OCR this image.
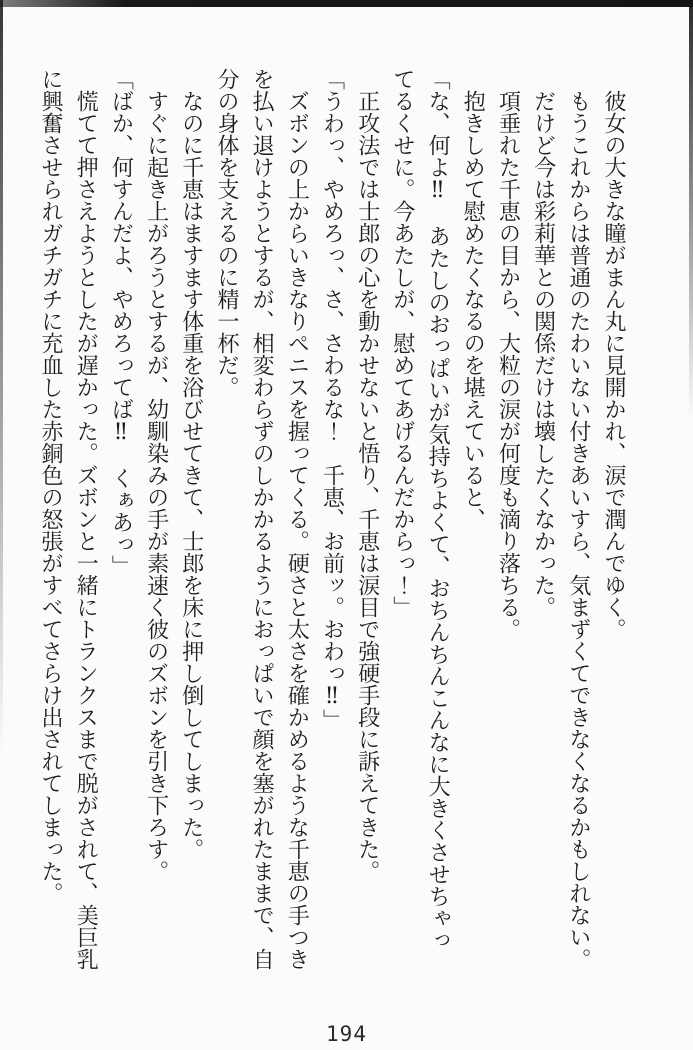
彼女の大きな瞳がまん丸に見開かれ、涙で潤んでゆく。

もうこれからは普通のたわいない付きあいすら、気まずくてできなくなるかもしれない。

だけど今は彩莉華との関係だけは壊したくなかった。

項垂れた千恵の目から、大粒の涙が何度も滴り落ちる。

抱きしめて慰めたくなるのを堪えていると、

「な、何よ‼　あたしのおっぱいが気持ちよくて、おちんちんこんなに大きくさせちゃってるくせに。今あたしが、慰めてあげるんだからっ！」

正攻法では士郎の心を動かせないと悟り、千恵は涙目で強硬手段に訴えてきた。

「うわっ、やめろっ、さ、さわるな！　千恵、お前ッ。おわっ‼」

ズボンの上からいきなりペニスを握ってくる。硬さと太さを確かめるような千恵の手つきを払い退けようとするが、相変わらずのしかかるようにおっぱいで顔を塞がれたままで、自分の身体を支えるのに精一杯だ。

なのに千恵はますます体重を浴びせてきて、士郎を床に押し倒してしまった。

すぐに起き上がろうとするが、幼馴染みの手が素速く彼のズボンを引き下ろす。

「ばか、何すんだよ、やめろってば‼　くぁあっ」

慌てて押さえようとしたが遅かった。ズボンと一緒にトランクスまで脱がされて、美巨乳に興奮させられガチガチに充血した赤銅色の怒張がすべてさらけ出されてしまった。

194
